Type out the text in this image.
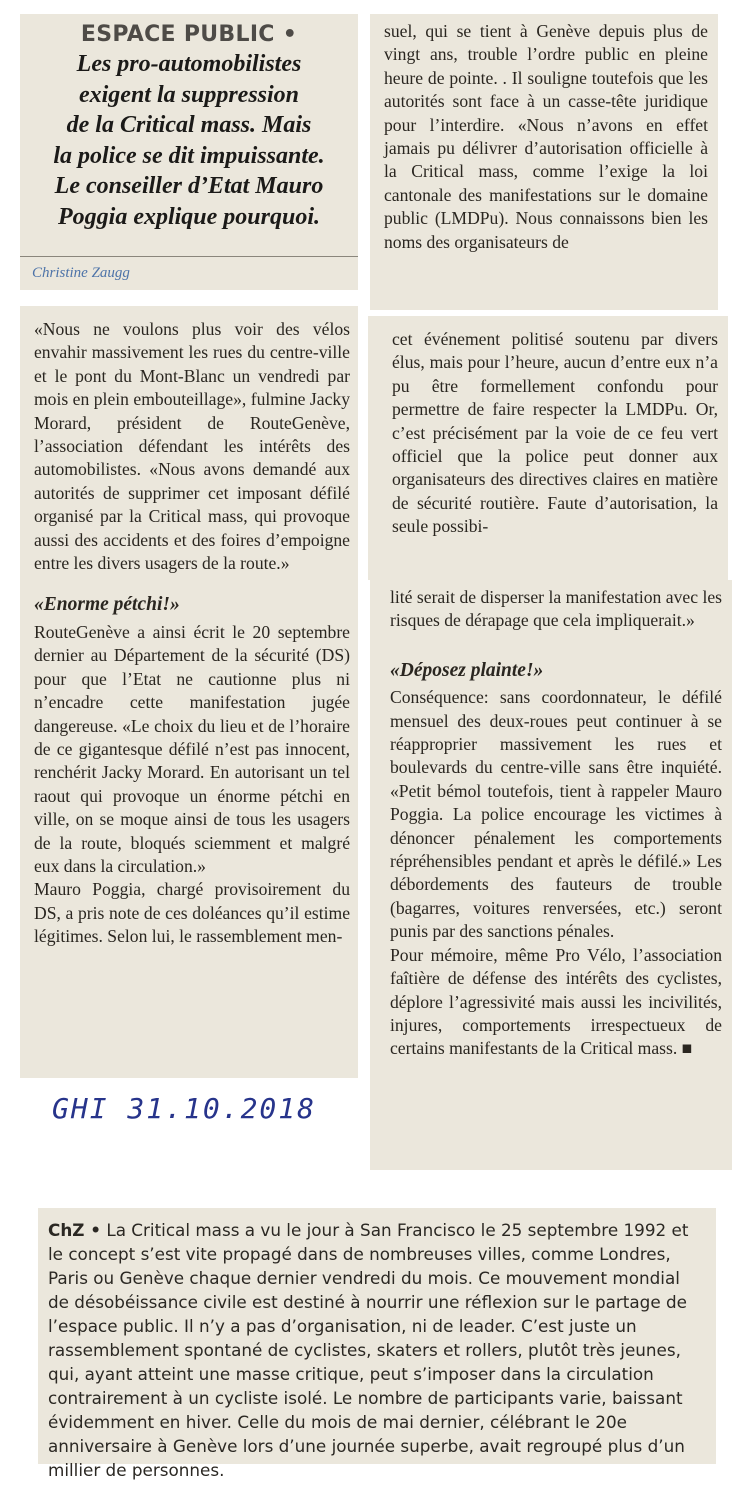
ESPACE PUBLIC •
Les pro-automobilistes
exigent la suppression
de la Critical mass. Mais
la police se dit impuissante.
Le conseiller d’Etat Mauro
Poggia explique pourquoi.
Christine Zaugg

«Nous ne voulons plus voir des vélos envahir massivement les rues du centre-ville et le pont du Mont-Blanc un vendredi par mois en plein embouteillage», fulmine Jacky Morard, président de RouteGenève, l’association défendant les intérêts des automobilistes. «Nous avons demandé aux autorités de supprimer cet imposant défilé organisé par la Critical mass, qui provoque aussi des accidents et des foires d’empoigne entre les divers usagers de la route.»

«Enorme pétchi!»

RouteGenève a ainsi écrit le 20 septembre dernier au Département de la sécurité (DS) pour que l’Etat ne cautionne plus ni n’encadre cette manifestation jugée dangereuse. «Le choix du lieu et de l’horaire de ce gigantesque défilé n’est pas innocent, renchérit Jacky Morard. En autorisant un tel raout qui provoque un énorme pétchi en ville, on se moque ainsi de tous les usagers de la route, bloqués sciemment et malgré eux dans la circulation.»

Mauro Poggia, chargé provisoirement du DS, a pris note de ces doléances qu’il estime légitimes. Selon lui, le rassemblement men-

suel, qui se tient à Genève depuis plus de vingt ans, trouble l’ordre public en pleine heure de pointe. . Il souligne toutefois que les autorités sont face à un casse-tête juridique pour l’interdire. «Nous n’avons en effet jamais pu délivrer d’autorisation officielle à la Critical mass, comme l’exige la loi cantonale des manifestations sur le domaine public (LMDPu). Nous connaissons bien les noms des organisateurs de

cet événement politisé soutenu par divers élus, mais pour l’heure, aucun d’entre eux n’a pu être formellement confondu pour permettre de faire respecter la LMDPu. Or, c’est précisément par la voie de ce feu vert officiel que la police peut donner aux organisateurs des directives claires en matière de sécurité routière. Faute d’autorisation, la seule possibi-

lité serait de disperser la manifestation avec les risques de dérapage que cela impliquerait.»

«Déposez plainte!»

Conséquence: sans coordonnateur, le défilé mensuel des deux-roues peut continuer à se réapproprier massivement les rues et boulevards du centre-ville sans être inquiété. «Petit bémol toutefois, tient à rappeler Mauro Poggia. La police encourage les victimes à dénoncer pénalement les comportements répréhensibles pendant et après le défilé.» Les débordements des fauteurs de trouble (bagarres, voitures renversées, etc.) seront punis par des sanctions pénales.

Pour mémoire, même Pro Vélo, l’association faîtière de défense des intérêts des cyclistes, déplore l’agressivité mais aussi les incivilités, injures, comportements irrespectueux de certains manifestants de la Critical mass. ■

GHI 31.10.2018
ChZ • La Critical mass a vu le jour à San Francisco le 25 septembre 1992 et le concept s’est vite propagé dans de nombreuses villes, comme Londres, Paris ou Genève chaque dernier vendredi du mois. Ce mouvement mondial de désobéissance civile est destiné à nourrir une réflexion sur le partage de l’espace public. Il n’y a pas d’organisation, ni de leader. C’est juste un rassemblement spontané de cyclistes, skaters et rollers, plutôt très jeunes, qui, ayant atteint une masse critique, peut s’imposer dans la circulation contrairement à un cycliste isolé. Le nombre de participants varie, baissant évidemment en hiver. Celle du mois de mai dernier, célébrant le 20e anniversaire à Genève lors d’une journée superbe, avait regroupé plus d’un millier de personnes.
